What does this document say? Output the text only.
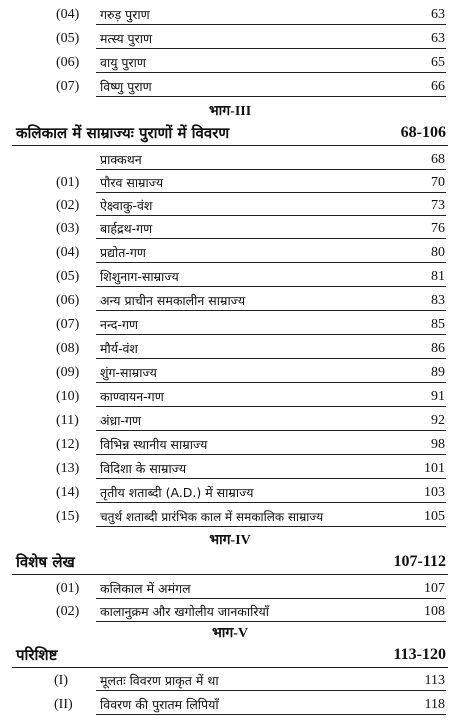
(04)	गरुड़ पुराण	63
(05)	मत्स्य पुराण	63
(06)	वायु पुराण	65
(07)	विष्णु पुराण	66
भाग-III
कलिकाल में साम्राज्यः पुराणों में विवरण	68-106
प्राक्कथन	68
(01)	पौरव साम्राज्य	70
(02)	ऐक्ष्वाकु-वंश	73
(03)	बार्हद्रथ-गण	76
(04)	प्रद्योत-गण	80
(05)	शिशुनाग-साम्राज्य	81
(06)	अन्य प्राचीन समकालीन साम्राज्य	83
(07)	नन्द-गण	85
(08)	मौर्य-वंश	86
(09)	शुंग-साम्राज्य	89
(10)	काण्वायन-गण	91
(11)	अंध्रा-गण	92
(12)	विभिन्न स्थानीय साम्राज्य	98
(13)	विदिशा के साम्राज्य	101
(14)	तृतीय शताब्दी (A.D.) में साम्राज्य	103
(15)	चतुर्थ शताब्दी प्रारंभिक काल में समकालिक साम्राज्य	105
भाग-IV
विशेष लेख	107-112
(01)	कलिकाल में अमंगल	107
(02)	कालानुक्रम और खगोलीय जानकारियाँ	108
भाग-V
परिशिष्ट	113-120
(I)	मूलतः विवरण प्राकृत में था	113
(II)	विवरण की पुरातम लिपियाँ	118
